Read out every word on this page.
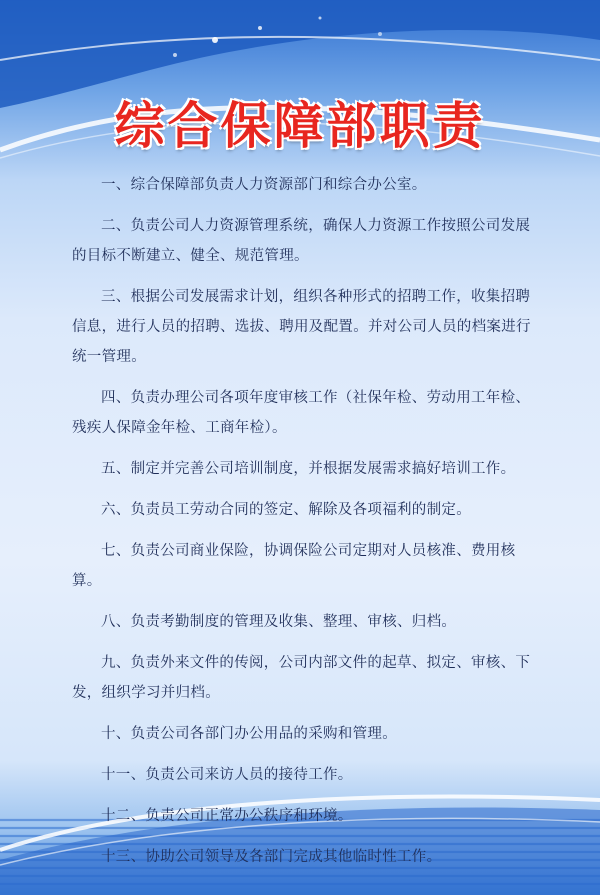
综合保障部职责

一、综合保障部负责人力资源部门和综合办公室。

二、负责公司人力资源管理系统，确保人力资源工作按照公司发展的目标不断建立、健全、规范管理。

三、根据公司发展需求计划，组织各种形式的招聘工作，收集招聘信息，进行人员的招聘、选拔、聘用及配置。并对公司人员的档案进行统一管理。

四、负责办理公司各项年度审核工作（社保年检、劳动用工年检、残疾人保障金年检、工商年检）。

五、制定并完善公司培训制度，并根据发展需求搞好培训工作。

六、负责员工劳动合同的签定、解除及各项福利的制定。

七、负责公司商业保险，协调保险公司定期对人员核准、费用核算。

八、负责考勤制度的管理及收集、整理、审核、归档。

九、负责外来文件的传阅，公司内部文件的起草、拟定、审核、下发，组织学习并归档。

十、负责公司各部门办公用品的采购和管理。

十一、负责公司来访人员的接待工作。

十二、负责公司正常办公秩序和环境。

十三、协助公司领导及各部门完成其他临时性工作。
